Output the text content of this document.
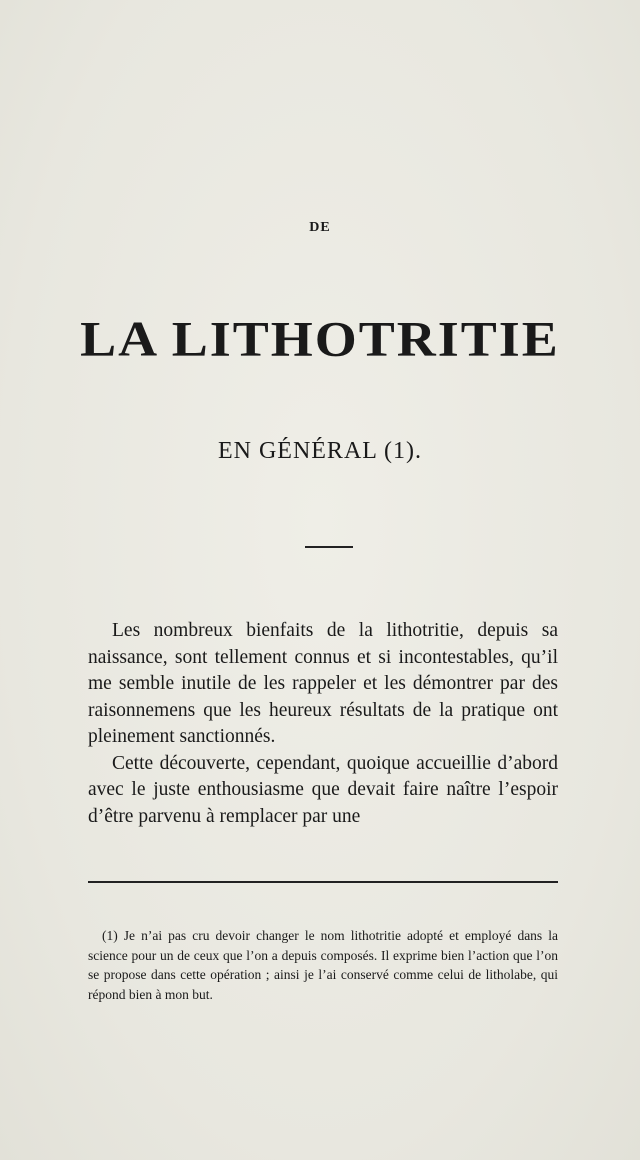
DE
LA LITHOTRITIE
EN GÉNÉRAL (1).

Les nombreux bienfaits de la lithotritie, depuis sa naissance, sont tellement connus et si incontestables, qu’il me semble inutile de les rappeler et les démontrer par des raisonnemens que les heureux résultats de la pratique ont pleinement sanctionnés.

Cette découverte, cependant, quoique accueillie d’abord avec le juste enthousiasme que devait faire naître l’espoir d’être parvenu à remplacer par une

(1) Je n’ai pas cru devoir changer le nom lithotritie adopté et employé dans la science pour un de ceux que l’on a depuis composés. Il exprime bien l’action que l’on se propose dans cette opération ; ainsi je l’ai conservé comme celui de litholabe, qui répond bien à mon but.
